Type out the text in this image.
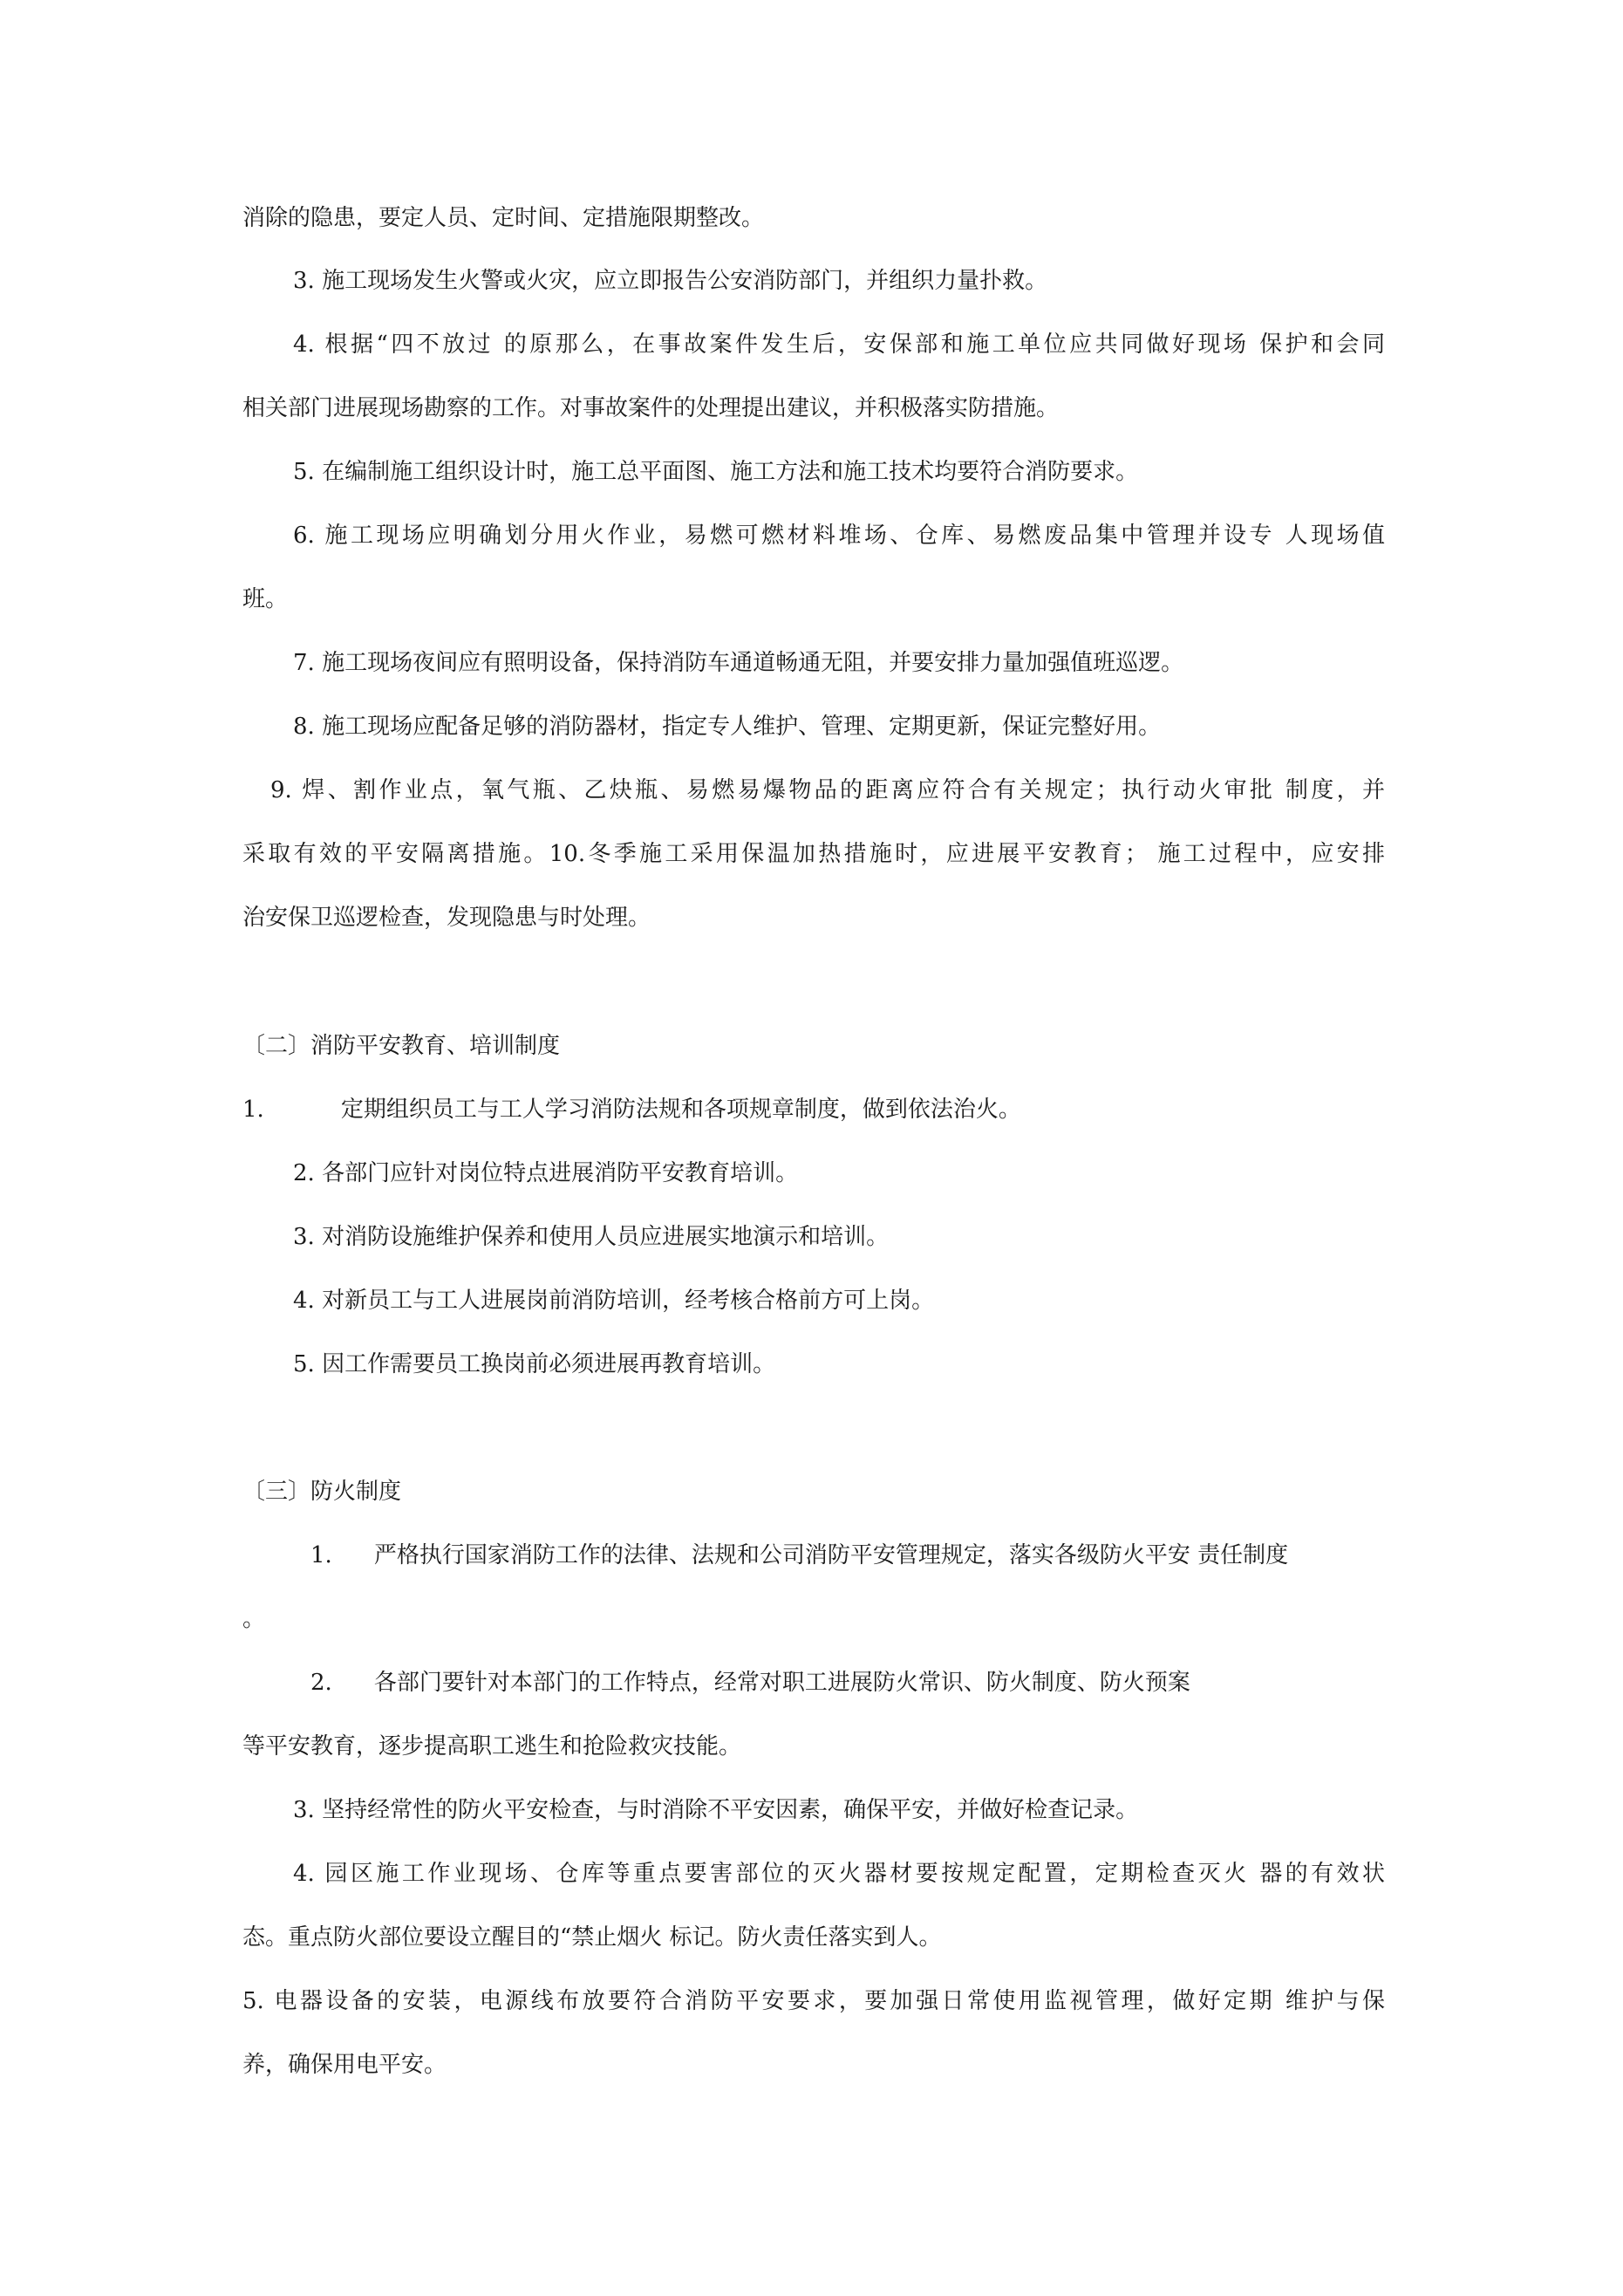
消除的隐患，要定人员、定时间、定措施限期整改。
3. 施工现场发生火警或火灾，应立即报告公安消防部门，并组织力量扑救。
4. 根据“四不放过 的原那么，在事故案件发生后，安保部和施工单位应共同做好现场 保护和会同
相关部门进展现场勘察的工作。对事故案件的处理提出建议，并积极落实防措施。
5. 在编制施工组织设计时，施工总平面图、施工方法和施工技术均要符合消防要求。
6. 施工现场应明确划分用火作业，易燃可燃材料堆场、仓库、易燃废品集中管理并设专 人现场值
班。
7. 施工现场夜间应有照明设备，保持消防车通道畅通无阻，并要安排力量加强值班巡逻。
8. 施工现场应配备足够的消防器材，指定专人维护、管理、定期更新，保证完整好用。
9. 焊、割作业点，氧气瓶、乙炔瓶、易燃易爆物品的距离应符合有关规定；执行动火审批 制度，并
采取有效的平安隔离措施。10.冬季施工采用保温加热措施时，应进展平安教育； 施工过程中，应安排
治安保卫巡逻检查，发现隐患与时处理。
〔二〕消防平安教育、培训制度
1.	定期组织员工与工人学习消防法规和各项规章制度，做到依法治火。
2. 各部门应针对岗位特点进展消防平安教育培训。
3. 对消防设施维护保养和使用人员应进展实地演示和培训。
4. 对新员工与工人进展岗前消防培训，经考核合格前方可上岗。
5. 因工作需要员工换岗前必须进展再教育培训。
〔三〕防火制度
1. 严格执行国家消防工作的法律、法规和公司消防平安管理规定，落实各级防火平安 责任制度
。
2. 各部门要针对本部门的工作特点，经常对职工进展防火常识、防火制度、防火预案
等平安教育，逐步提高职工逃生和抢险救灾技能。
3. 坚持经常性的防火平安检查，与时消除不平安因素，确保平安，并做好检查记录。
4. 园区施工作业现场、仓库等重点要害部位的灭火器材要按规定配置，定期检查灭火 器的有效状
态。重点防火部位要设立醒目的“禁止烟火 标记。防火责任落实到人。
5. 电器设备的安装，电源线布放要符合消防平安要求，要加强日常使用监视管理，做好定期 维护与保
养，确保用电平安。
